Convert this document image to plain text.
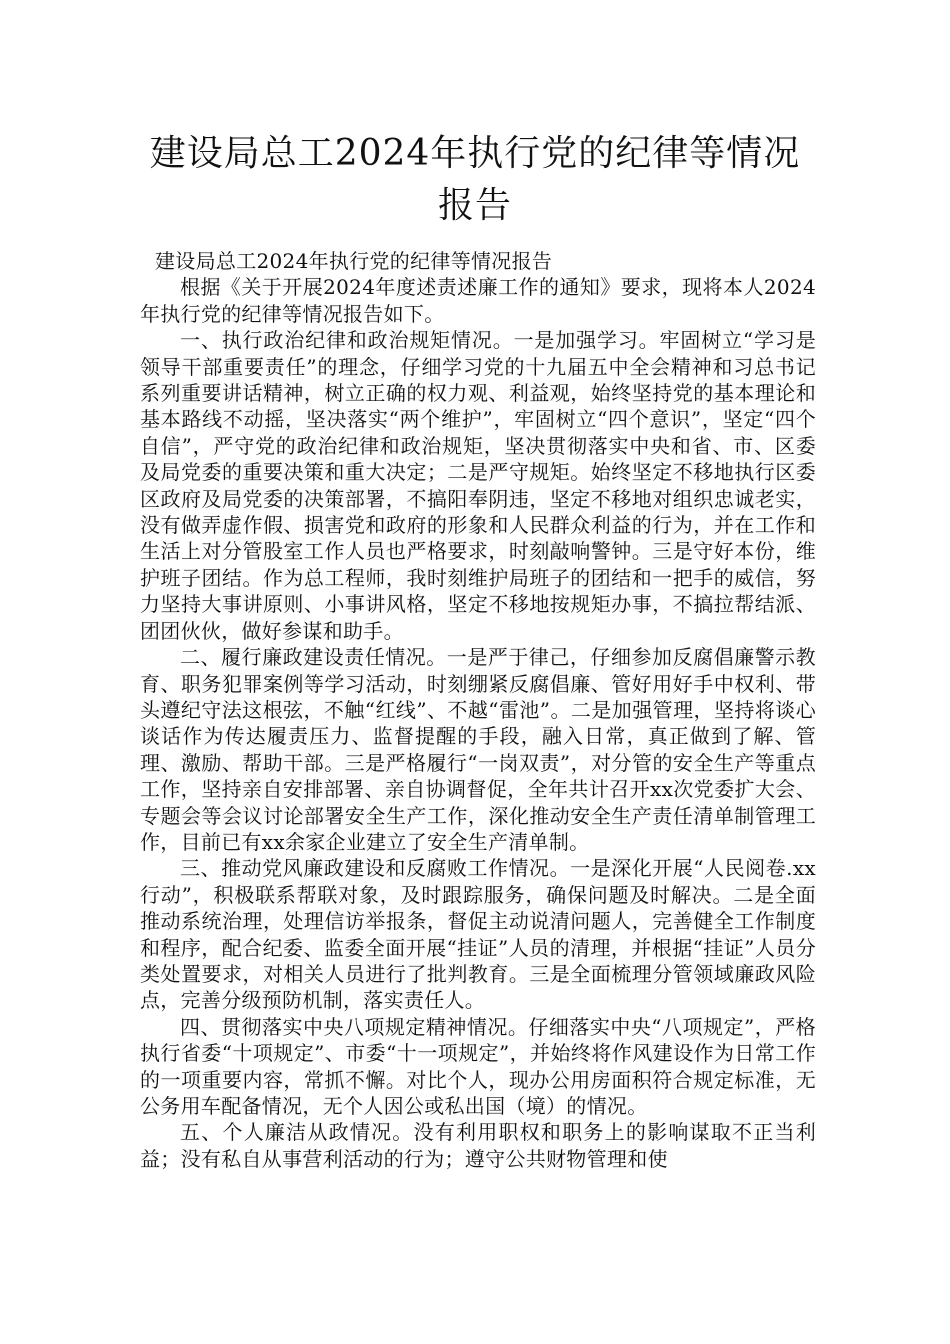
建设局总工2024年执行党的纪律等情况报告

建设局总工2024年执行党的纪律等情况报告

根据《关于开展2024年度述责述廉工作的通知》要求，现将本人2024年执行党的纪律等情况报告如下。

一、执行政治纪律和政治规矩情况。一是加强学习。牢固树立“学习是领导干部重要责任”的理念，仔细学习党的十九届五中全会精神和习总书记系列重要讲话精神，树立正确的权力观、利益观，始终坚持党的基本理论和基本路线不动摇，坚决落实“两个维护”，牢固树立“四个意识”，坚定“四个自信”，严守党的政治纪律和政治规矩，坚决贯彻落实中央和省、市、区委及局党委的重要决策和重大决定；二是严守规矩。始终坚定不移地执行区委区政府及局党委的决策部署，不搞阳奉阴违，坚定不移地对组织忠诚老实，没有做弄虚作假、损害党和政府的形象和人民群众利益的行为，并在工作和生活上对分管股室工作人员也严格要求，时刻敲响警钟。三是守好本份，维护班子团结。作为总工程师，我时刻维护局班子的团结和一把手的威信，努力坚持大事讲原则、小事讲风格，坚定不移地按规矩办事，不搞拉帮结派、团团伙伙，做好参谋和助手。

二、履行廉政建设责任情况。一是严于律己，仔细参加反腐倡廉警示教育、职务犯罪案例等学习活动，时刻绷紧反腐倡廉、管好用好手中权利、带头遵纪守法这根弦，不触“红线”、不越“雷池”。二是加强管理，坚持将谈心谈话作为传达履责压力、监督提醒的手段，融入日常，真正做到了解、管理、激励、帮助干部。三是严格履行“一岗双责”，对分管的安全生产等重点工作，坚持亲自安排部署、亲自协调督促，全年共计召开xx次党委扩大会、专题会等会议讨论部署安全生产工作，深化推动安全生产责任清单制管理工作，目前已有xx余家企业建立了安全生产清单制。

三、推动党风廉政建设和反腐败工作情况。一是深化开展“人民阅卷.xx行动”，积极联系帮联对象，及时跟踪服务，确保问题及时解决。二是全面推动系统治理，处理信访举报条，督促主动说清问题人，完善健全工作制度和程序，配合纪委、监委全面开展“挂证”人员的清理，并根据“挂证”人员分类处置要求，对相关人员进行了批判教育。三是全面梳理分管领域廉政风险点，完善分级预防机制，落实责任人。

四、贯彻落实中央八项规定精神情况。仔细落实中央“八项规定”，严格执行省委“十项规定”、市委“十一项规定”，并始终将作风建设作为日常工作的一项重要内容，常抓不懈。对比个人，现办公用房面积符合规定标准，无公务用车配备情况，无个人因公或私出国（境）的情况。

五、个人廉洁从政情况。没有利用职权和职务上的影响谋取不正当利益；没有私自从事营利活动的行为；遵守公共财物管理和使
